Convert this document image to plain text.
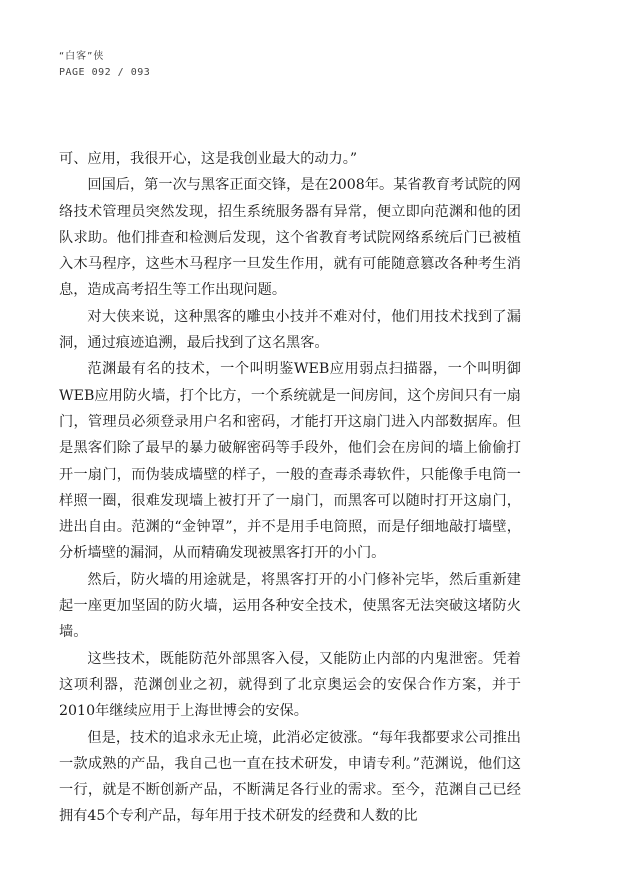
“白客”侠
PAGE 092 / 093

可、应用，我很开心，这是我创业最大的动力。”

回国后，第一次与黑客正面交锋，是在2008年。某省教育考试院的网络技术管理员突然发现，招生系统服务器有异常，便立即向范渊和他的团队求助。他们排查和检测后发现，这个省教育考试院网络系统后门已被植入木马程序，这些木马程序一旦发生作用，就有可能随意篡改各种考生消息，造成高考招生等工作出现问题。

对大侠来说，这种黑客的雕虫小技并不难对付，他们用技术找到了漏洞，通过痕迹追溯，最后找到了这名黑客。

范渊最有名的技术，一个叫明鉴WEB应用弱点扫描器，一个叫明御WEB应用防火墙，打个比方，一个系统就是一间房间，这个房间只有一扇门，管理员必须登录用户名和密码，才能打开这扇门进入内部数据库。但是黑客们除了最早的暴力破解密码等手段外，他们会在房间的墙上偷偷打开一扇门，而伪装成墙壁的样子，一般的查毒杀毒软件，只能像手电筒一样照一圈，很难发现墙上被打开了一扇门，而黑客可以随时打开这扇门，进出自由。范渊的“金钟罩”，并不是用手电筒照，而是仔细地敲打墙壁，分析墙壁的漏洞，从而精确发现被黑客打开的小门。

然后，防火墙的用途就是，将黑客打开的小门修补完毕，然后重新建起一座更加坚固的防火墙，运用各种安全技术，使黑客无法突破这堵防火墙。

这些技术，既能防范外部黑客入侵，又能防止内部的内鬼泄密。凭着这项利器，范渊创业之初，就得到了北京奥运会的安保合作方案，并于2010年继续应用于上海世博会的安保。

但是，技术的追求永无止境，此消必定彼涨。“每年我都要求公司推出一款成熟的产品，我自己也一直在技术研发，申请专利。”范渊说，他们这一行，就是不断创新产品，不断满足各行业的需求。至今，范渊自己已经拥有45个专利产品，每年用于技术研发的经费和人数的比
